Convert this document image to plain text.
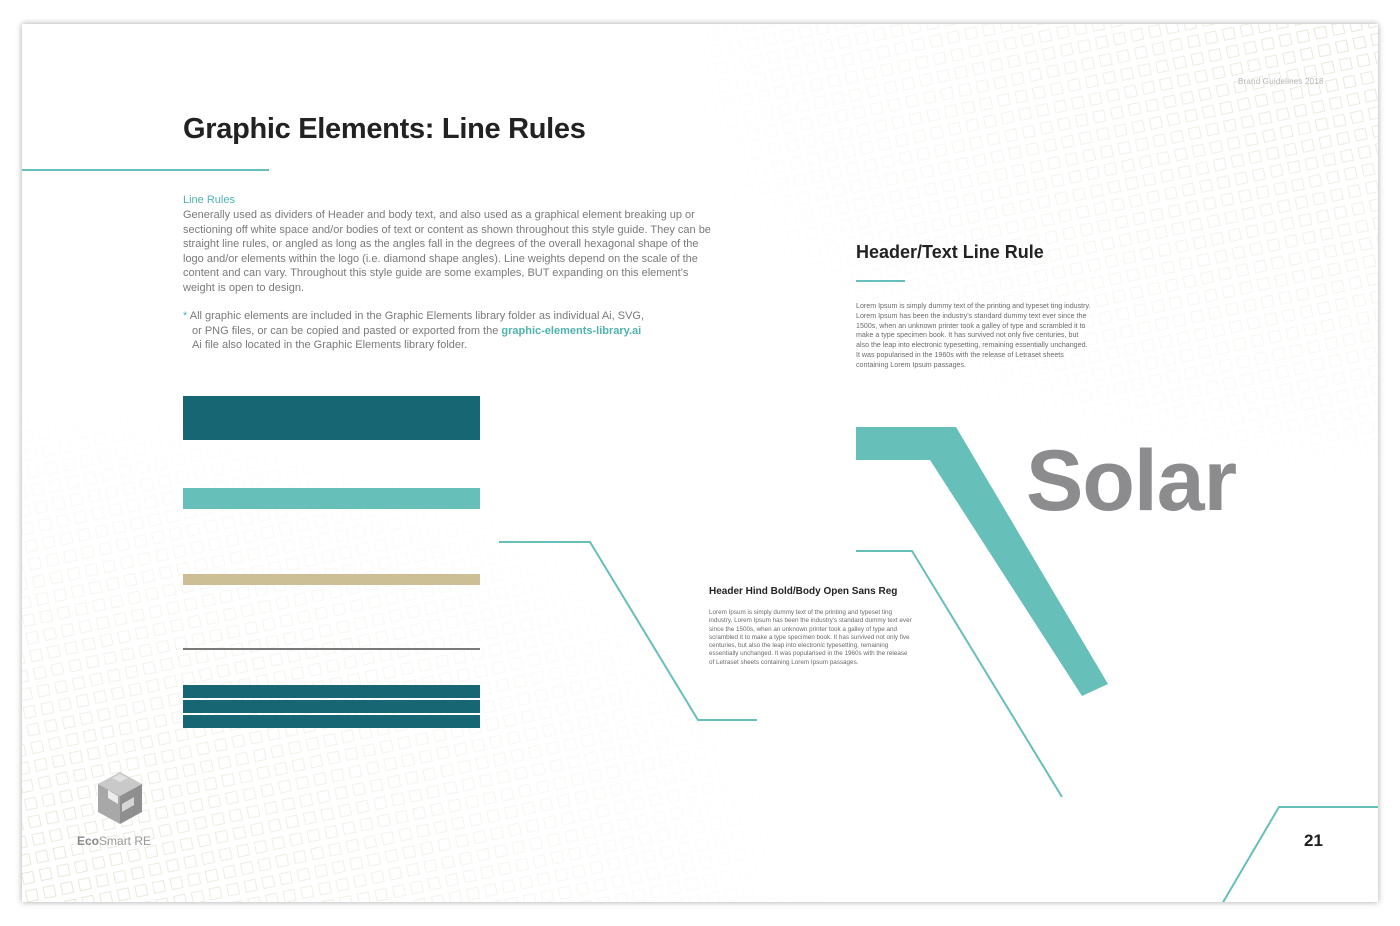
Brand Guidelines 2018
Graphic Elements: Line Rules
Line Rules
Generally used as dividers of Header and body text, and also used as a graphical element breaking up or sectioning off white space and/or bodies of text or content as shown throughout this style guide. They can be straight line rules, or angled as long as the angles fall in the degrees of the overall hexagonal shape of the logo and/or elements within the logo (i.e. diamond shape angles). Line weights depend on the scale of the content and can vary. Throughout this style guide are some examples, BUT expanding on this element's weight is open to design.
* All graphic elements are included in the Graphic Elements library folder as individual Ai, SVG,
or PNG files, or can be copied and pasted or exported from the graphic-elements-library.ai
Ai file also located in the Graphic Elements library folder.
Header/Text Line Rule
Lorem Ipsum is simply dummy text of the printing and typeset ting industry. Lorem Ipsum has been the industry's standard dummy text ever since the 1500s, when an unknown printer took a galley of type and scrambled it to make a type specimen book. It has survived not only five centuries, but also the leap into electronic typesetting, remaining essentially unchanged. It was popularised in the 1960s with the release of Letraset sheets containing Lorem Ipsum passages.
Solar
Header Hind Bold/Body Open Sans Reg
Lorem Ipsum is simply dummy text of the printing and typeset ting industry. Lorem Ipsum has been the industry's standard dummy text ever since the 1500s, when an unknown printer took a galley of type and scrambled it to make a type specimen book. It has survived not only five centuries, but also the leap into electronic typesetting, remaining essentially unchanged. It was popularised in the 1960s with the release of Letraset sheets containing Lorem Ipsum passages.
EcoSmart RE	21
